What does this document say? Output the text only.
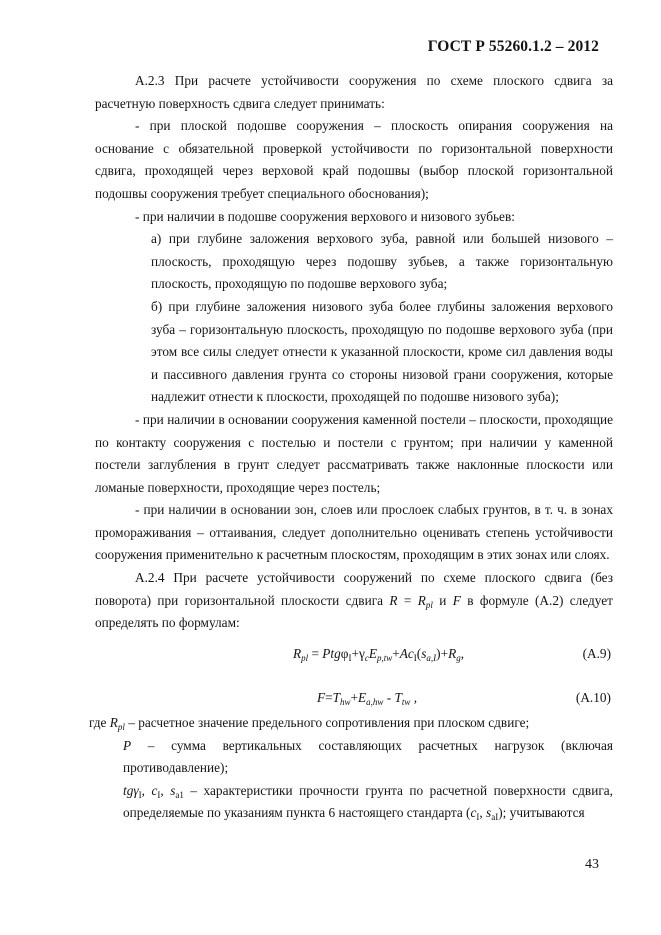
ГОСТ Р 55260.1.2 – 2012

А.2.3 При расчете устойчивости сооружения по схеме плоского сдвига за расчетную поверхность сдвига следует принимать:

- при плоской подошве сооружения – плоскость опирания сооружения на основание с обязательной проверкой устойчивости по горизонтальной поверхности сдвига, проходящей через верховой край подошвы (выбор плоской горизонтальной подошвы сооружения требует специального обоснования);

- при наличии в подошве сооружения верхового и низового зубьев:

а) при глубине заложения верхового зуба, равной или большей низового – плоскость, проходящую через подошву зубьев, а также горизонтальную плоскость, проходящую по подошве верхового зуба;

б) при глубине заложения низового зуба более глубины заложения верхового зуба – горизонтальную плоскость, проходящую по подошве верхового зуба (при этом все силы следует отнести к указанной плоскости, кроме сил давления воды и пассивного давления грунта со стороны низовой грани сооружения, которые надлежит отнести к плоскости, проходящей по подошве низового зуба);

- при наличии в основании сооружения каменной постели – плоскости, проходящие по контакту сооружения с постелью и постели с грунтом; при наличии у каменной постели заглубления в грунт следует рассматривать также наклонные плоскости или ломаные поверхности, проходящие через постель;

- при наличии в основании зон, слоев или прослоек слабых грунтов, в т. ч. в зонах промораживания – оттаивания, следует дополнительно оценивать степень устойчивости сооружения применительно к расчетным плоскостям, проходящим в этих зонах или слоях.

А.2.4 При расчете устойчивости сооружений по схеме плоского сдвига (без поворота) при горизонтальной плоскости сдвига $R = R_{pl}$ и F в формуле (А.2) следует определять по формулам:

$R_{pl} = Ptg\varphi_I+\gamma_cE_{p,tw}+Ac_I(s_{a,I})+R_g$,	(А.9)
$F=T_{hw}+E_{a,hw} - T_{tw}$ ,	(А.10)

где $R_{pl}$ – расчетное значение предельного сопротивления при плоском сдвиге;

P – сумма вертикальных составляющих расчетных нагрузок (включая

противодавление);

tgγ$_I$, $c_I$, $s_{a1}$ – характеристики прочности грунта по расчетной поверхности сдвига, определяемые по указаниям пункта 6 настоящего стандарта ($c_I$, $s_{aI}$); учитываются

43
